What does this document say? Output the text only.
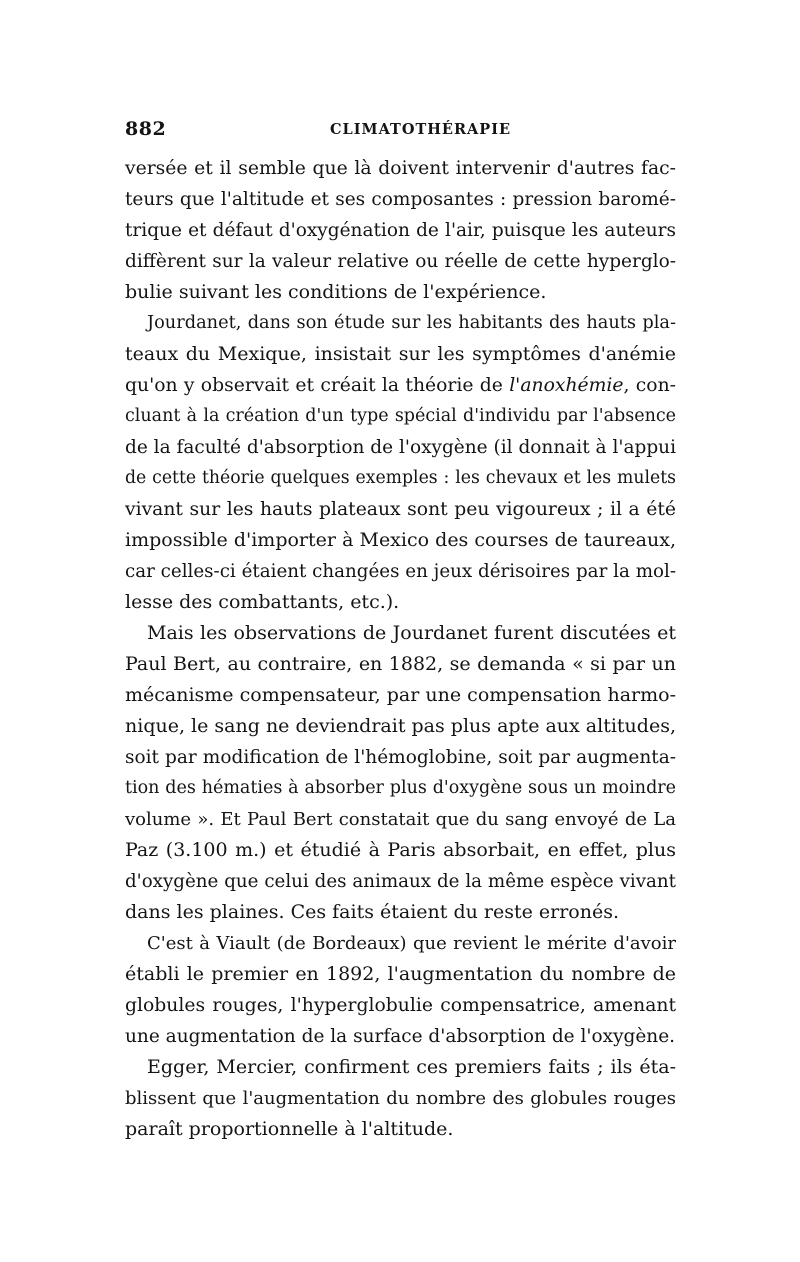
882	CLIMATOTHÉRAPIE
versée et il semble que là doivent intervenir d'autres fac-
teurs que l'altitude et ses composantes : pression baromé-
trique et défaut d'oxygénation de l'air, puisque les auteurs
diffèrent sur la valeur relative ou réelle de cette hyperglo-
bulie suivant les conditions de l'expérience.
Jourdanet, dans son étude sur les habitants des hauts pla-
teaux du Mexique, insistait sur les symptômes d'anémie
qu'on y observait et créait la théorie de l'anoxhémie, con-
cluant à la création d'un type spécial d'individu par l'absence
de la faculté d'absorption de l'oxygène (il donnait à l'appui
de cette théorie quelques exemples : les chevaux et les mulets
vivant sur les hauts plateaux sont peu vigoureux ; il a été
impossible d'importer à Mexico des courses de taureaux,
car celles-ci étaient changées en jeux dérisoires par la mol-
lesse des combattants, etc.).
Mais les observations de Jourdanet furent discutées et
Paul Bert, au contraire, en 1882, se demanda « si par un
mécanisme compensateur, par une compensation harmo-
nique, le sang ne deviendrait pas plus apte aux altitudes,
soit par modification de l'hémoglobine, soit par augmenta-
tion des hématies à absorber plus d'oxygène sous un moindre
volume ». Et Paul Bert constatait que du sang envoyé de La
Paz (3.100 m.) et étudié à Paris absorbait, en effet, plus
d'oxygène que celui des animaux de la même espèce vivant
dans les plaines. Ces faits étaient du reste erronés.
C'est à Viault (de Bordeaux) que revient le mérite d'avoir
établi le premier en 1892, l'augmentation du nombre de
globules rouges, l'hyperglobulie compensatrice, amenant
une augmentation de la surface d'absorption de l'oxygène.
Egger, Mercier, confirment ces premiers faits ; ils éta-
blissent que l'augmentation du nombre des globules rouges
paraît proportionnelle à l'altitude.
